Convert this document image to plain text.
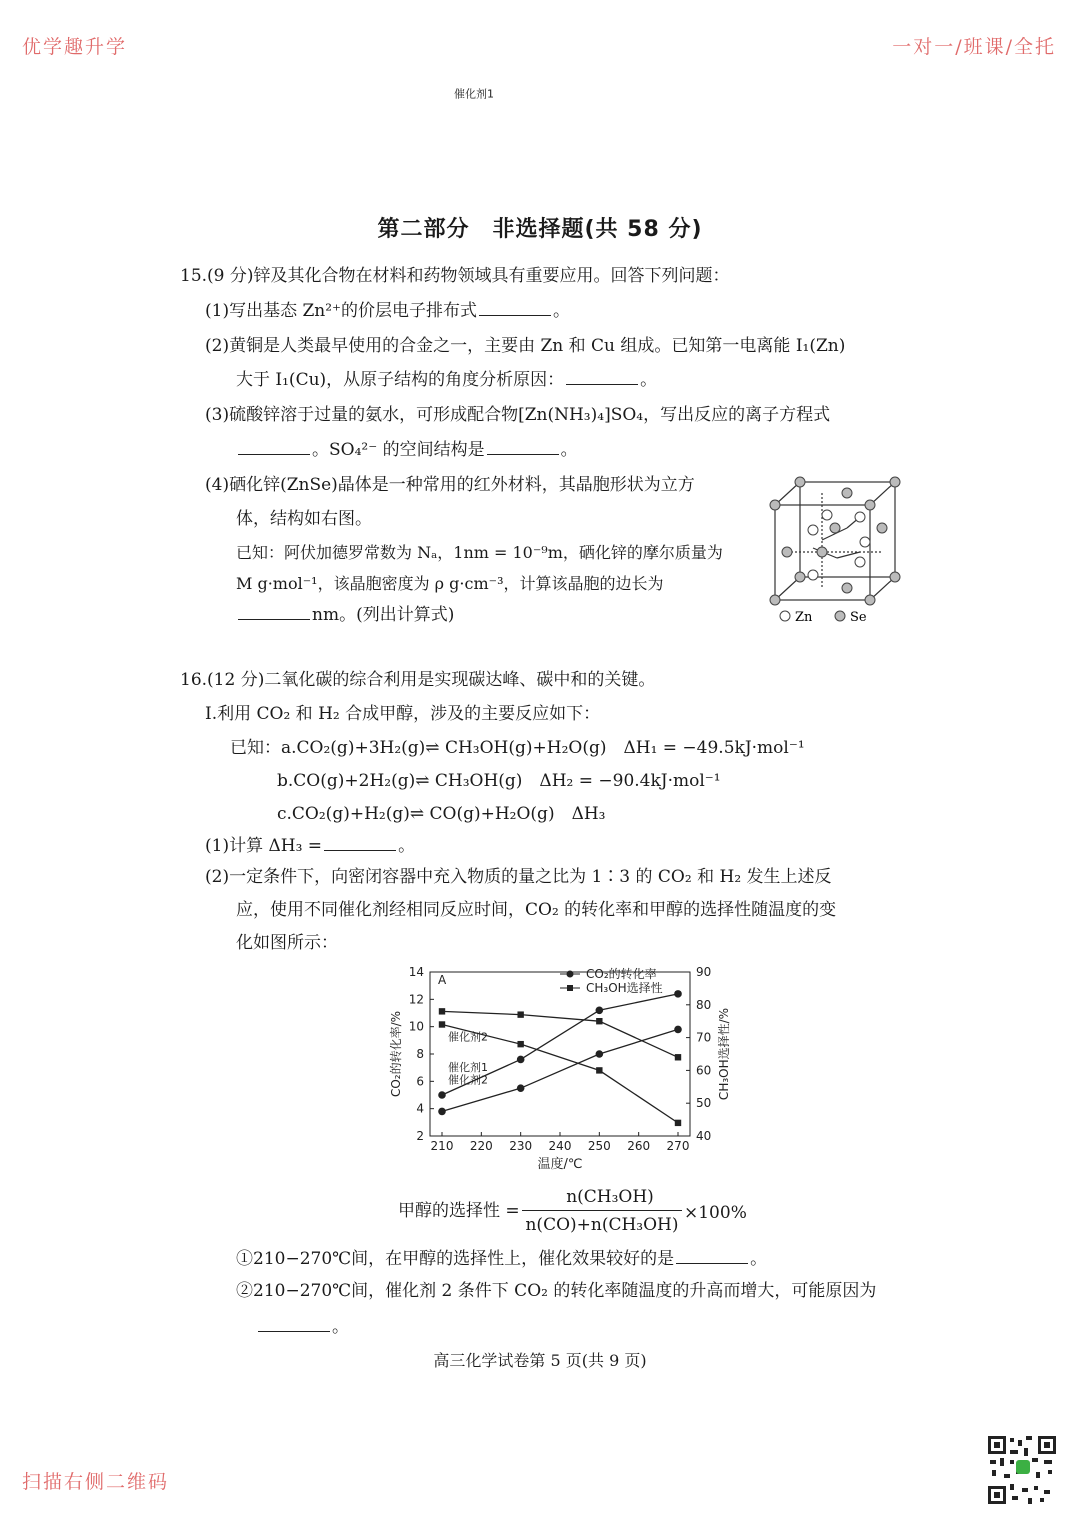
优学趣升学	一对一/班课/全托
第二部分　非选择题(共 58 分)
15.(9 分)锌及其化合物在材料和药物领域具有重要应用。回答下列问题：
(1)写出基态 Zn²⁺的价层电子排布式	。
(2)黄铜是人类最早使用的合金之一，主要由 Zn 和 Cu 组成。已知第一电离能 I₁(Zn)
大于 I₁(Cu)，从原子结构的角度分析原因：	。
(3)硫酸锌溶于过量的氨水，可形成配合物[Zn(NH₃)₄]SO₄，写出反应的离子方程式
。SO₄²⁻ 的空间结构是	。
(4)硒化锌(ZnSe)晶体是一种常用的红外材料，其晶胞形状为立方
体，结构如右图。
已知：阿伏加德罗常数为 Nₐ，1nm = 10⁻⁹m，硒化锌的摩尔质量为
M g·mol⁻¹，该晶胞密度为 ρ g·cm⁻³，计算该晶胞的边长为
nm。(列出计算式)	Zn	Se
16.(12 分)二氧化碳的综合利用是实现碳达峰、碳中和的关键。
Ⅰ.利用 CO₂ 和 H₂ 合成甲醇，涉及的主要反应如下：
已知：a.CO₂(g)+3H₂(g)⇌ CH₃OH(g)+H₂O(g)　ΔH₁ = −49.5kJ·mol⁻¹
b.CO(g)+2H₂(g)⇌ CH₃OH(g)　ΔH₂ = −90.4kJ·mol⁻¹
c.CO₂(g)+H₂(g)⇌ CO(g)+H₂O(g)　ΔH₃
(1)计算 ΔH₃ =	。
(2)一定条件下，向密闭容器中充入物质的量之比为 1∶3 的 CO₂ 和 H₂ 发生上述反
应，使用不同催化剂经相同反应时间，CO₂ 的转化率和甲醇的选择性随温度的变
化如图所示：
2
4
6
8
10
12
14
40
50
60
70
80
90
210 220 230 240 250 260 270
温度/℃
CO₂的转化率/%	CH₃OH选择性/%
A	CO₂的转化率
CH₃OH选择性
催化剂1
催化剂2
催化剂1
催化剂2
甲醇的选择性 =
n(CH₃OH)
n(CO)+n(CH₃OH)
×100%
①210−270℃间，在甲醇的选择性上，催化效果较好的是	。
②210−270℃间，催化剂 2 条件下 CO₂ 的转化率随温度的升高而增大，可能原因为
。
高三化学试卷第 5 页(共 9 页)
扫描右侧二维码
